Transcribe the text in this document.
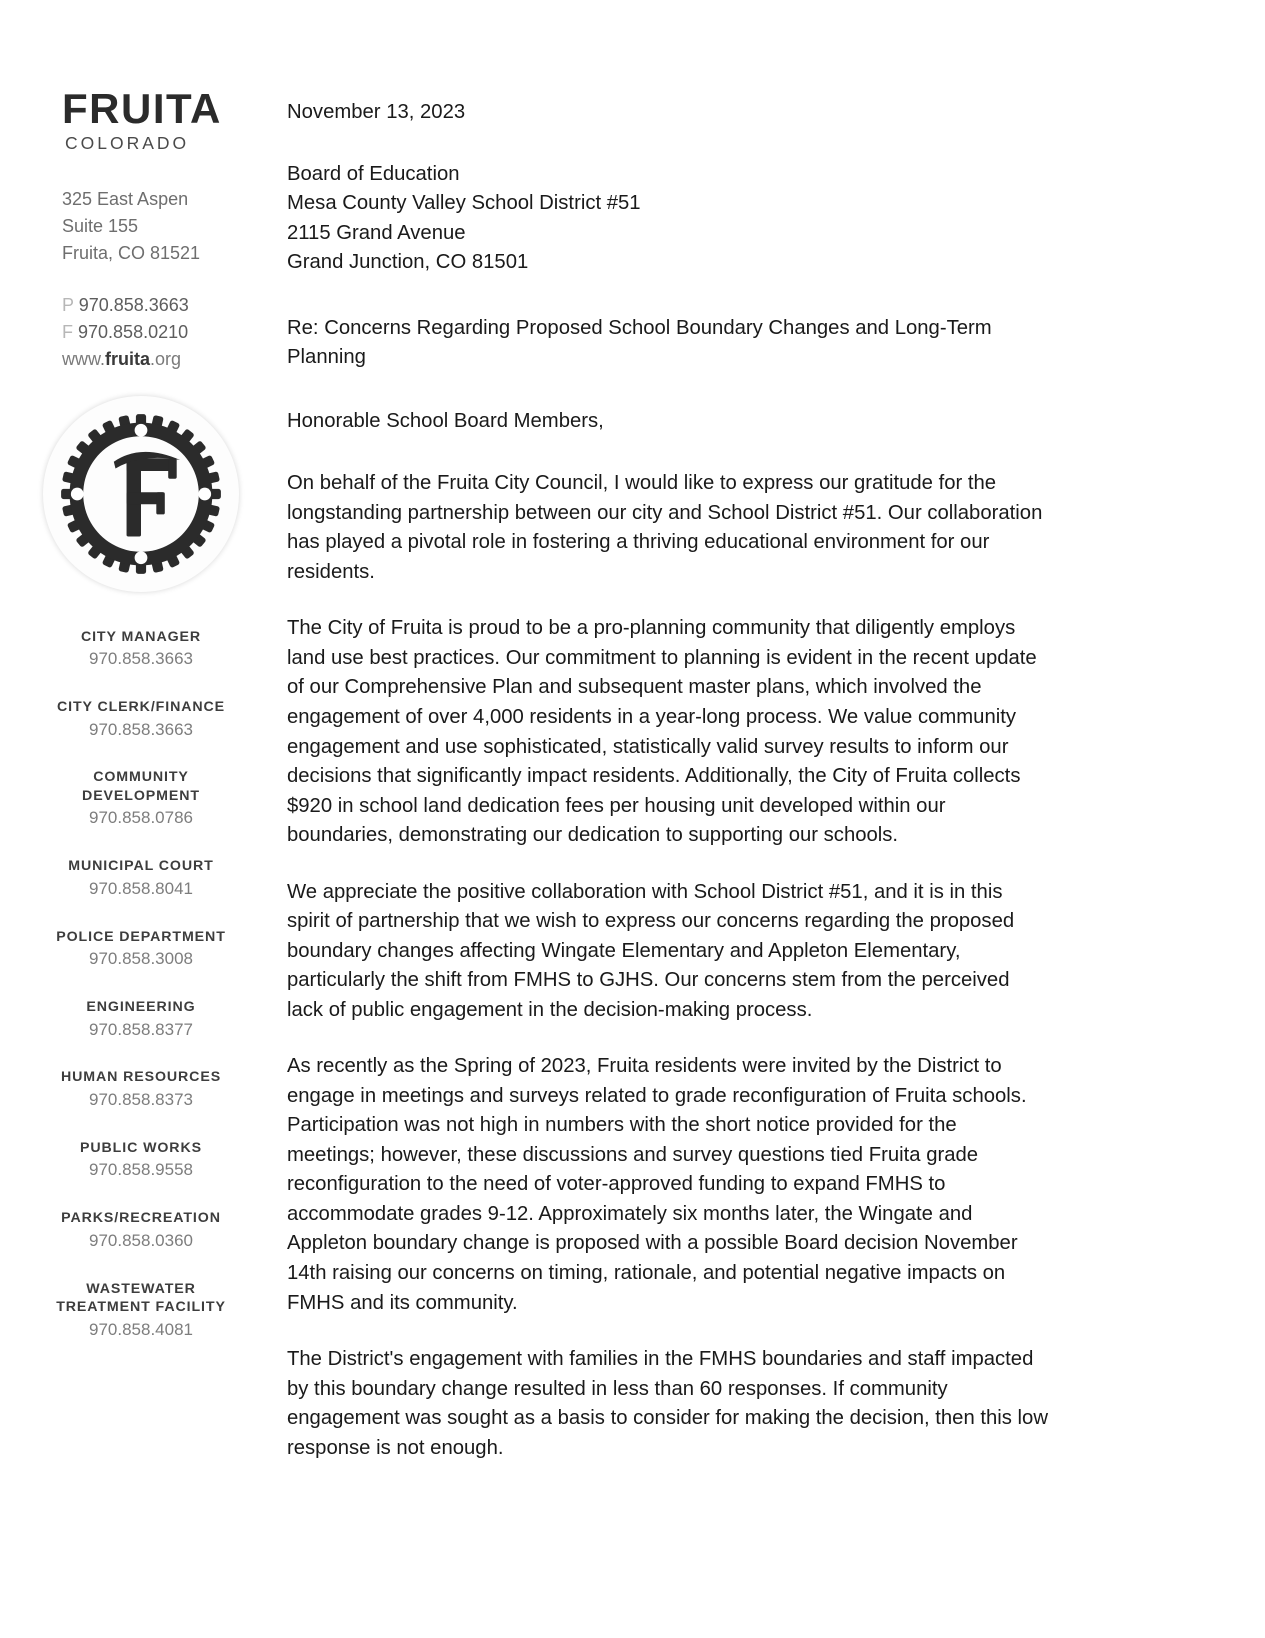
FRUITA
COLORADO
325 East Aspen
Suite 155
Fruita, CO 81521
P 970.858.3663
F 970.858.0210
www.fruita.org
CITY MANAGER
970.858.3663
CITY CLERK/FINANCE
970.858.3663
COMMUNITY
DEVELOPMENT
970.858.0786
MUNICIPAL COURT
970.858.8041
POLICE DEPARTMENT
970.858.3008
ENGINEERING
970.858.8377
HUMAN RESOURCES
970.858.8373
PUBLIC WORKS
970.858.9558
PARKS/RECREATION
970.858.0360
WASTEWATER
TREATMENT FACILITY
970.858.4081

November 13, 2023

Board of Education

Mesa County Valley School District #51

2115 Grand Avenue

Grand Junction, CO 81501

Re: Concerns Regarding Proposed School Boundary Changes and Long-Term Planning

Honorable School Board Members,

On behalf of the Fruita City Council, I would like to express our gratitude for the longstanding partnership between our city and School District #51. Our collaboration has played a pivotal role in fostering a thriving educational environment for our residents.

The City of Fruita is proud to be a pro-planning community that diligently employs land use best practices. Our commitment to planning is evident in the recent update of our Comprehensive Plan and subsequent master plans, which involved the engagement of over 4,000 residents in a year-long process. We value community engagement and use sophisticated, statistically valid survey results to inform our decisions that significantly impact residents. Additionally, the City of Fruita collects $920 in school land dedication fees per housing unit developed within our boundaries, demonstrating our dedication to supporting our schools.

We appreciate the positive collaboration with School District #51, and it is in this spirit of partnership that we wish to express our concerns regarding the proposed boundary changes affecting Wingate Elementary and Appleton Elementary, particularly the shift from FMHS to GJHS. Our concerns stem from the perceived lack of public engagement in the decision-making process.

As recently as the Spring of 2023, Fruita residents were invited by the District to engage in meetings and surveys related to grade reconfiguration of Fruita schools. Participation was not high in numbers with the short notice provided for the meetings; however, these discussions and survey questions tied Fruita grade reconfiguration to the need of voter-approved funding to expand FMHS to accommodate grades 9-12. Approximately six months later, the Wingate and Appleton boundary change is proposed with a possible Board decision November 14th raising our concerns on timing, rationale, and potential negative impacts on FMHS and its community.

The District's engagement with families in the FMHS boundaries and staff impacted by this boundary change resulted in less than 60 responses. If community engagement was sought as a basis to consider for making the decision, then this low response is not enough.
